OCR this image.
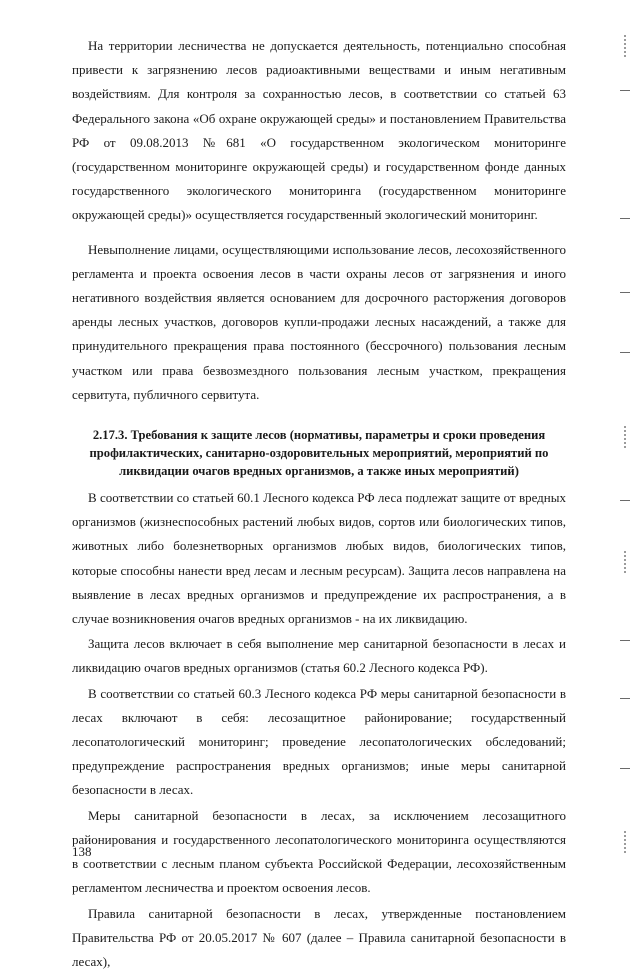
На территории лесничества не допускается деятельность, потенциально способная привести к загрязнению лесов радиоактивными веществами и иным негативным воздействиям. Для контроля за сохранностью лесов, в соответствии со статьей 63 Федерального закона «Об охране окружающей среды» и постановлением Правительства РФ от 09.08.2013 №681 «О государственном экологическом мониторинге (государственном мониторинге окружающей среды) и государственном фонде данных государственного экологического мониторинга (государственном мониторинге окружающей среды)» осуществляется государственный экологический мониторинг.

Невыполнение лицами, осуществляющими использование лесов, лесохозяйственного регламента и проекта освоения лесов в части охраны лесов от загрязнения и иного негативного воздействия является основанием для досрочного расторжения договоров аренды лесных участков, договоров купли-продажи лесных насаждений, а также для принудительного прекращения права постоянного (бессрочного) пользования лесным участком или права безвозмездного пользования лесным участком, прекращения сервитута, публичного сервитута.

2.17.3. Требования к защите лесов (нормативы, параметры и сроки проведения профилактических, санитарно-оздоровительных мероприятий, мероприятий по ликвидации очагов вредных организмов, а также иных мероприятий)

В соответствии со статьей 60.1 Лесного кодекса РФ леса подлежат защите от вредных организмов (жизнеспособных растений любых видов, сортов или биологических типов, животных либо болезнетворных организмов любых видов, биологических типов, которые способны нанести вред лесам и лесным ресурсам). Защита лесов направлена на выявление в лесах вредных организмов и предупреждение их распространения, а в случае возникновения очагов вредных организмов - на их ликвидацию.

Защита лесов включает в себя выполнение мер санитарной безопасности в лесах и ликвидацию очагов вредных организмов (статья 60.2 Лесного кодекса РФ).

В соответствии со статьей 60.3 Лесного кодекса РФ меры санитарной безопасности в лесах включают в себя: лесозащитное районирование; государственный лесопатологический мониторинг; проведение лесопатологических обследований; предупреждение распространения вредных организмов; иные меры санитарной безопасности в лесах.

Меры санитарной безопасности в лесах, за исключением лесозащитного районирования и государственного лесопатологического мониторинга осуществляются в соответствии с лесным планом субъекта Российской Федерации, лесохозяйственным регламентом лесничества и проектом освоения лесов.

Правила санитарной безопасности в лесах, утвержденные постановлением Правительства РФ от 20.05.2017 № 607 (далее – Правила санитарной безопасности в лесах),

138
